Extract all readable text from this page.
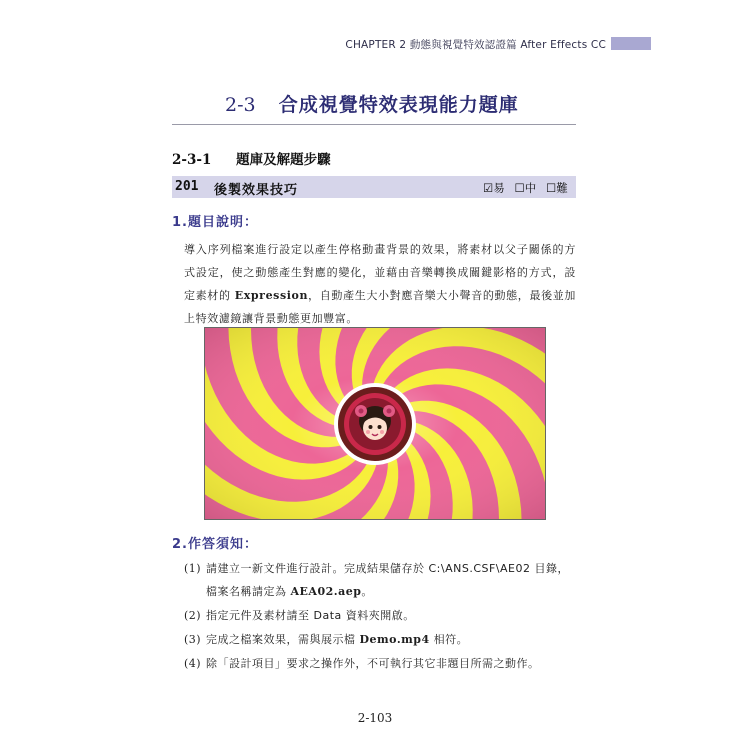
CHAPTER 2 動態與視覺特效認證篇 After Effects CC
2-3 合成視覺特效表現能力題庫
2-3-1 題庫及解題步驟
201 後製效果技巧	☑易 ☐中 ☐難
1.題目說明：
導入序列檔案進行設定以產生停格動畫背景的效果，將素材以父子關係的方式設定，使之動態產生對應的變化，並藉由音樂轉換成關鍵影格的方式，設定素材的 Expression，自動產生大小對應音樂大小聲音的動態，最後並加上特效濾鏡讓背景動態更加豐富。
2.作答須知：
(1) 請建立一新文件進行設計。完成結果儲存於 C:\ANS.CSF\AE02 目錄，檔案名稱請定為 AEA02.aep。
(2) 指定元件及素材請至 Data 資料夾開啟。
(3) 完成之檔案效果，需與展示檔 Demo.mp4 相符。
(4) 除「設計項目」要求之操作外，不可執行其它非題目所需之動作。
2-103
